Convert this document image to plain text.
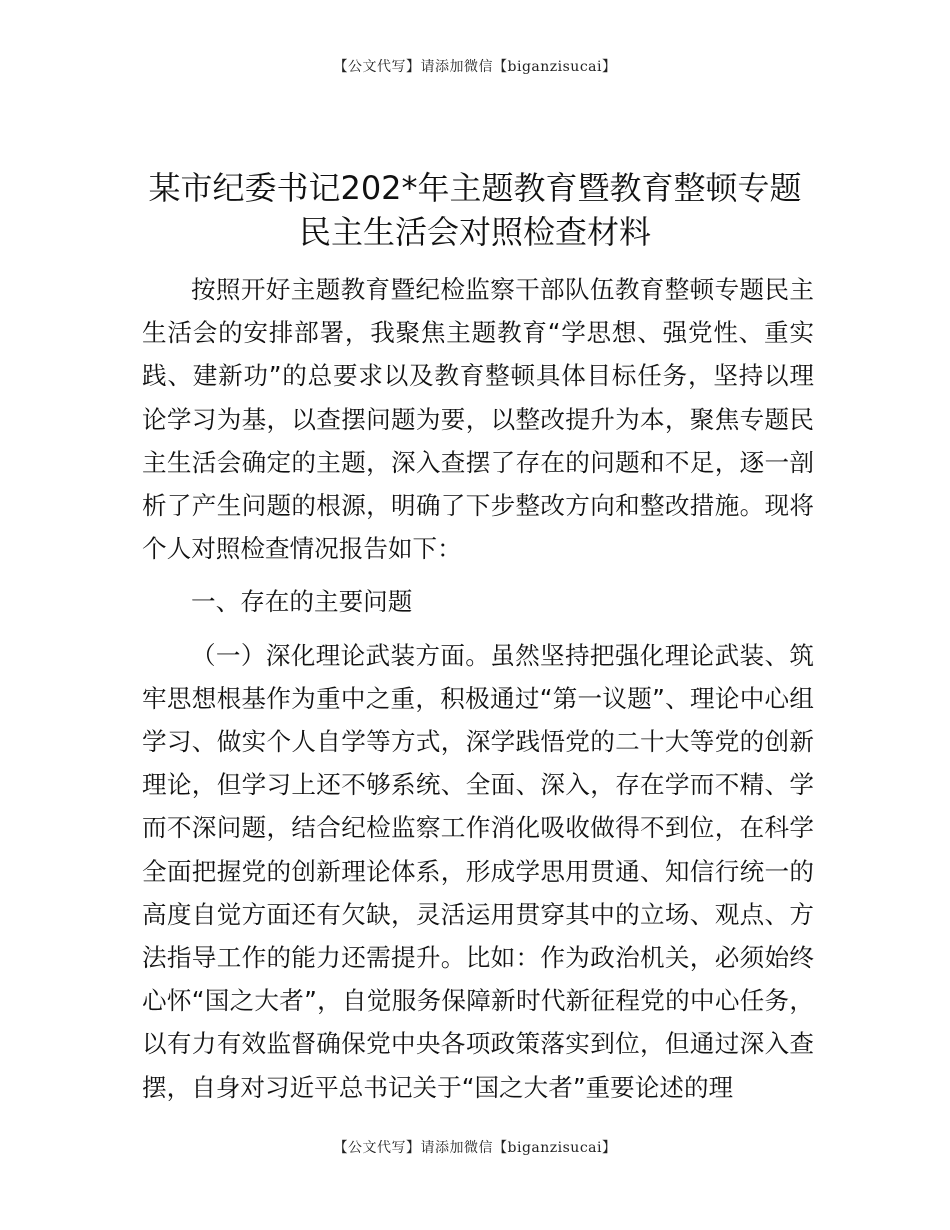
【公文代写】请添加微信【biganzisucai】
某市纪委书记202*年主题教育暨教育整顿专题
民主生活会对照检查材料

按照开好主题教育暨纪检监察干部队伍教育整顿专题民主生活会的安排部署，我聚焦主题教育“学思想、强党性、重实践、建新功”的总要求以及教育整顿具体目标任务，坚持以理论学习为基，以查摆问题为要，以整改提升为本，聚焦专题民主生活会确定的主题，深入查摆了存在的问题和不足，逐一剖析了产生问题的根源，明确了下步整改方向和整改措施。现将个人对照检查情况报告如下：

一、存在的主要问题

（一）深化理论武装方面。虽然坚持把强化理论武装、筑牢思想根基作为重中之重，积极通过“第一议题”、理论中心组学习、做实个人自学等方式，深学践悟党的二十大等党的创新理论，但学习上还不够系统、全面、深入，存在学而不精、学而不深问题，结合纪检监察工作消化吸收做得不到位，在科学全面把握党的创新理论体系，形成学思用贯通、知信行统一的高度自觉方面还有欠缺，灵活运用贯穿其中的立场、观点、方法指导工作的能力还需提升。比如：作为政治机关，必须始终心怀“国之大者”，自觉服务保障新时代新征程党的中心任务，以有力有效监督确保党中央各项政策落实到位，但通过深入查摆，自身对习近平总书记关于“国之大者”重要论述的理

【公文代写】请添加微信【biganzisucai】
